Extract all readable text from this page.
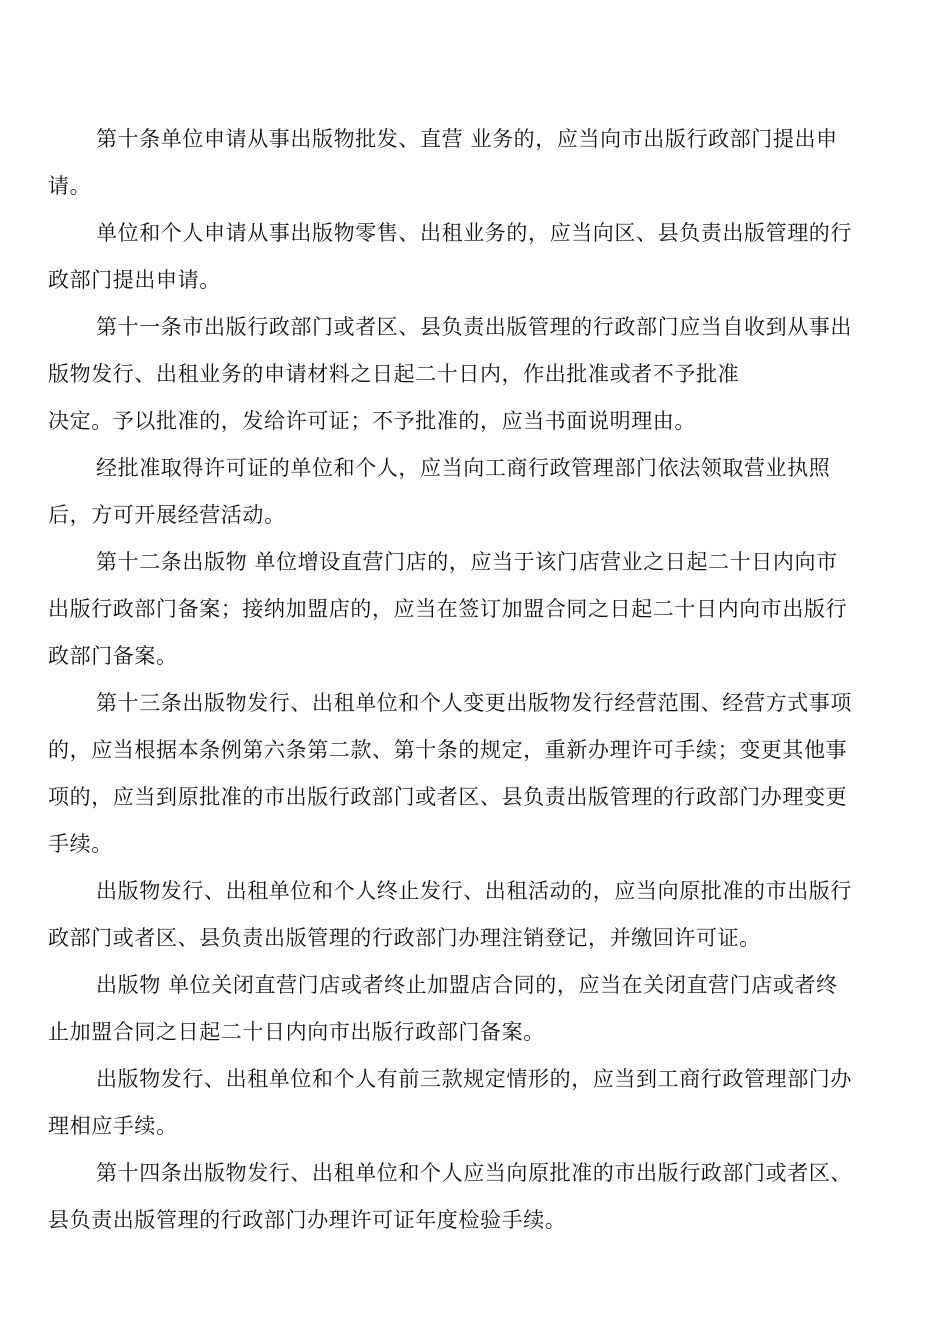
第十条单位申请从事出版物批发、直营 业务的，应当向市出版行政部门提出申
请。
单位和个人申请从事出版物零售、出租业务的，应当向区、县负责出版管理的行
政部门提出申请。
第十一条市出版行政部门或者区、县负责出版管理的行政部门应当自收到从事出
版物发行、出租业务的申请材料之日起二十日内，作出批准或者不予批准
决定。予以批准的，发给许可证；不予批准的，应当书面说明理由。
经批准取得许可证的单位和个人，应当向工商行政管理部门依法领取营业执照
后，方可开展经营活动。
第十二条出版物 单位增设直营门店的，应当于该门店营业之日起二十日内向市
出版行政部门备案；接纳加盟店的，应当在签订加盟合同之日起二十日内向市出版行
政部门备案。
第十三条出版物发行、出租单位和个人变更出版物发行经营范围、经营方式事项
的，应当根据本条例第六条第二款、第十条的规定，重新办理许可手续；变更其他事
项的，应当到原批准的市出版行政部门或者区、县负责出版管理的行政部门办理变更
手续。
出版物发行、出租单位和个人终止发行、出租活动的，应当向原批准的市出版行
政部门或者区、县负责出版管理的行政部门办理注销登记，并缴回许可证。
出版物 单位关闭直营门店或者终止加盟店合同的，应当在关闭直营门店或者终
止加盟合同之日起二十日内向市出版行政部门备案。
出版物发行、出租单位和个人有前三款规定情形的，应当到工商行政管理部门办
理相应手续。
第十四条出版物发行、出租单位和个人应当向原批准的市出版行政部门或者区、
县负责出版管理的行政部门办理许可证年度检验手续。
